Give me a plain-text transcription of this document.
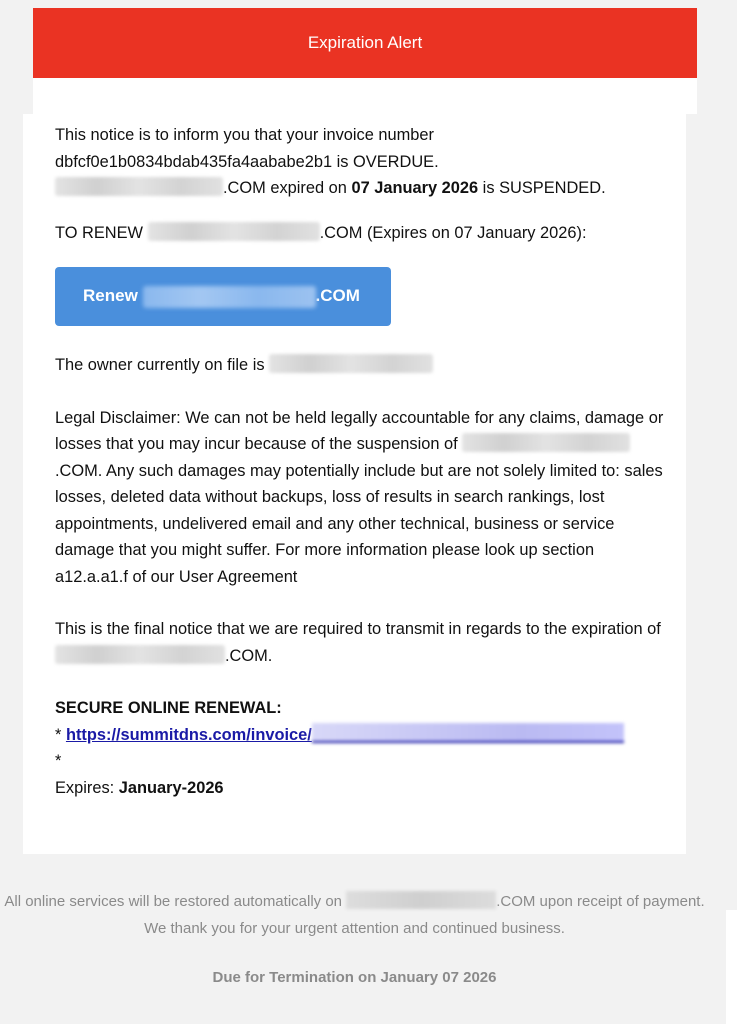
Expiration Alert

This notice is to inform you that your invoice number
dbfcf0e1b0834bdab435fa4aababe2b1 is OVERDUE.
.COM expired on 07 January 2026 is SUSPENDED.

TO RENEW	.COM (Expires on 07 January 2026):

Renew
	.COM

The owner currently on file is

Legal Disclaimer: We can not be held legally accountable for any claims, damage or losses that you may incur because of the suspension of .COM. Any such damages may potentially include but are not solely limited to: sales losses, deleted data without backups, loss of results in search rankings, lost appointments, undelivered email and any other technical, business or service damage that you might suffer. For more information please look up section a12.a.a1.f of our User Agreement

This is the final notice that we are required to transmit in regards to the expiration of .COM.

SECURE ONLINE RENEWAL:
* https://summitdns.com/invoice/
*
Expires: January-2026

All online services will be restored automatically on	.COM upon receipt of payment. We thank you for your urgent attention and continued business.
Due for Termination on January 07 2026
